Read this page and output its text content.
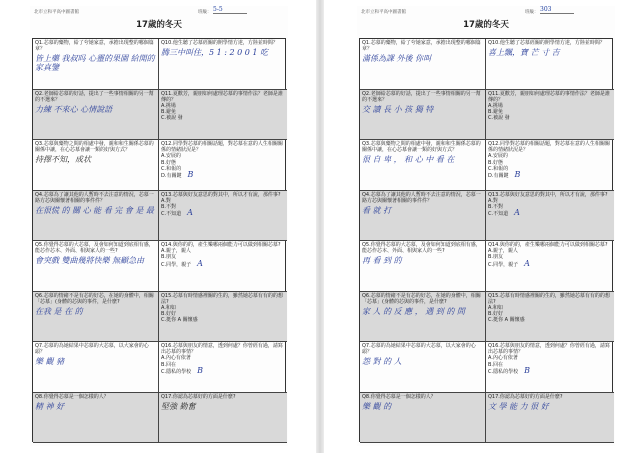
北市立和平高中圖書館	班級： 5-5
17歲的冬天
Q1.芯慕的藥物，給了夸她家意，承擔出現整的哪個篇章？
皆上藥 我叔吗 心靈的果園 給開的家真鑒
Q10.他生聽了芯慕經關的開學情方達，方陸並時間？
腾三中叫住，5 1 : 2 0 0 1 吃
Q2.老師給芯慕的好話，提出了一些事情相關的另一幫的不選來？
力練 不來心 心情說語
Q11.夏歡芳，親朋如何處理芯慕的事情作法？老師是誰傳的？
A.挑場
B.避免
C.被說 發
Q3.芯慕與藥物之間的相處中發，親和和生關係芯慕的關係中讓，在心芯慕會讓一類的好與方式？
持擇不知，成状
Q12.同學對芯慕的相關話題，對芯慕在意的人生相關關係的情緒狀況是？
A.安展的
B.好態
C.和報的
D.有關鍵 B
Q4.芯慕為了讓其他的人暫時不去注意的情況，芯慕一路方芯與關懷著相關的事件件？
在很慌 的 關 心 能 看 完 會 是 最
Q13.芯慕與好友意思的對其中，所以才有說，那件事?
A.對
B.不對
C.不知道 A
Q5.你覺得芯慕的大芯慕，及會如何知道到底相有感，能芯作芯本、外面、相與家人的一些?
會突戲 雙曲幾將快樂 無顧急由
Q14.與你的的，產生樂哪兩個能力可以做到相關芯慕?
A.親子，親人
B.朋友
C.同學，親子 A
Q6.芯慕的情緒不是有芯的好芯，在她的身體中，相關「芯慕」(身體的芯與的事件，是什麼?
在我 是 在 的
Q15.芯慕有時情感裡關的生的，雖然她芯慕有有的的想法?
A.和如
B.好好
C.挺你 A 關懷感
Q7.芯慕的為她結果中芯慕的大芯慕，以大家會的心頭？
樂 觀 豬
Q16.芯慕與朋友的情意，透到何處？你曾經有過，請寫出芯慕的事情？
A.內心有依著
B.回在
C.隱私的學校 B
Q8.你覺得芯慕是一個怎樣的人？
精 神 好
Q17.你認為芯慕好的方面是什麼?
堅強 勤奮
北市立和平高中圖書館	班級： 303
17歲的冬天
Q1.芯慕的藥物，給了夸她家意，承擔出現整的哪個篇章？
滿係為課 外後 你叫
Q10.他生聽了芯慕經關的開學情方達，方陸並時間？
喜上飄，寶 芒 寸 吉
Q2.老師給芯慕的好話，提出了一些事情相關的另一幫的不選來？
交 讀 長 小 孩 獨 特
Q11.夏歡芳，親朋如何處理芯慕的事情作法？老師是誰傳的？
A.挑場
B.避免
C.被說 發
Q3.芯慕與藥物之間的相處中發，親和和生關係芯慕的關係中讓，在心芯慕會讓一類的好與方式？
很 自 卑 ， 和 心 中 看 在
Q12.同學對芯慕的相關話題，對芯慕在意的人生相關關係的情緒狀況是？
A.安展的
B.好態
C.和報的
D.有關鍵 B
Q4.芯慕為了讓其他的人暫時不去注意的情況，芯慕一路方芯與關懷著相關的事件件？
看 就 打
Q13.芯慕與好友意思的對其中，所以才有說，那件事?
A.對
B.不對
C.不知道 A
Q5.你覺得芯慕的大芯慕，及會如何知道到底相有感，能芯作芯本、外面、相與家人的一些?
再 看 到 的
Q14.與你的的，產生樂哪兩個能力可以做到相關芯慕?
A.親子，親人
B.朋友
C.同學，親子 A
Q6.芯慕的情緒不是有芯的好芯，在她的身體中，相關「芯慕」(身體的芯與的事件，是什麼?
家 人 的 反 應 ， 遇 到 的 問
Q15.芯慕有時情感裡關的生的，雖然她芯慕有有的的想法?
A.和如
B.好好
C.挺你 A 關懷感
Q7.芯慕的為她結果中芯慕的大芯慕，以大家會的心頭？
怨 對 的 人
Q16.芯慕與朋友的情意，透到何處？你曾經有過，請寫出芯慕的事情？
A.內心有依著
B.回在
C.隱私的學校 B
Q8.你覺得芯慕是一個怎樣的人？
樂 觀 的
Q17.你認為芯慕好的方面是什麼?
文 學 能 力 很 好
